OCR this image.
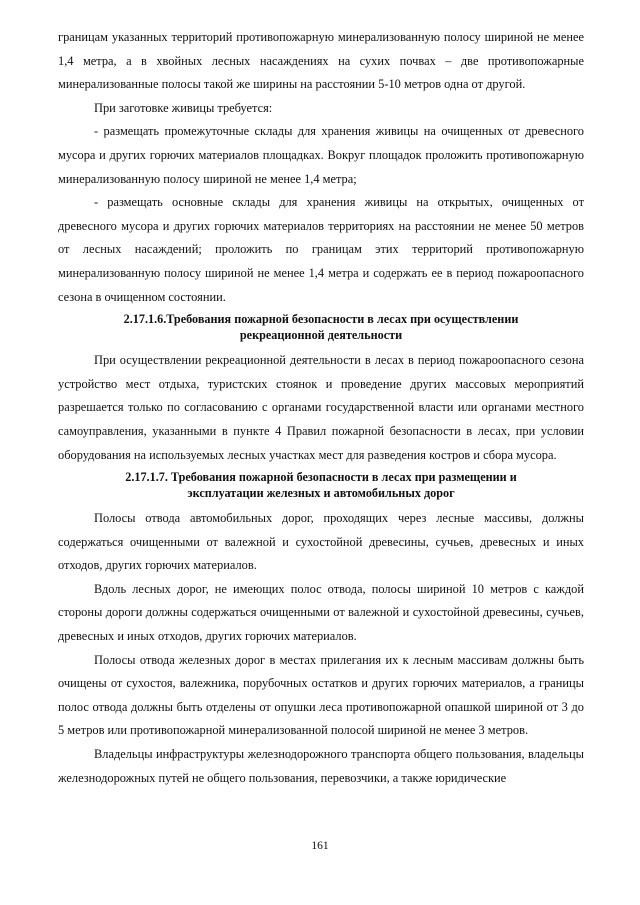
границам указанных территорий противопожарную минерализованную полосу шириной не менее 1,4 метра, а в хвойных лесных насаждениях на сухих почвах – две противопожарные минерализованные полосы такой же ширины на расстоянии 5-10 метров одна от другой.

При заготовке живицы требуется:

- размещать промежуточные склады для хранения живицы на очищенных от древесного мусора и других горючих материалов площадках. Вокруг площадок проложить противопожарную минерализованную полосу шириной не менее 1,4 метра;

- размещать основные склады для хранения живицы на открытых, очищенных от древесного мусора и других горючих материалов территориях на расстоянии не менее 50 метров от лесных насаждений; проложить по границам этих территорий противопожарную минерализованную полосу шириной не менее 1,4 метра и содержать ее в период пожароопасного сезона в очищенном состоянии.

2.17.1.6.Требования пожарной безопасности в лесах при осуществлении рекреационной деятельности

При осуществлении рекреационной деятельности в лесах в период пожароопасного сезона устройство мест отдыха, туристских стоянок и проведение других массовых мероприятий разрешается только по согласованию с органами государственной власти или органами местного самоуправления, указанными в пункте 4 Правил пожарной безопасности в лесах, при условии оборудования на используемых лесных участках мест для разведения костров и сбора мусора.

2.17.1.7. Требования пожарной безопасности в лесах при размещении и эксплуатации железных и автомобильных дорог

Полосы отвода автомобильных дорог, проходящих через лесные массивы, должны содержаться очищенными от валежной и сухостойной древесины, сучьев, древесных и иных отходов, других горючих материалов.

Вдоль лесных дорог, не имеющих полос отвода, полосы шириной 10 метров с каждой стороны дороги должны содержаться очищенными от валежной и сухостойной древесины, сучьев, древесных и иных отходов, других горючих материалов.

Полосы отвода железных дорог в местах прилегания их к лесным массивам должны быть очищены от сухостоя, валежника, порубочных остатков и других горючих материалов, а границы полос отвода должны быть отделены от опушки леса противопожарной опашкой шириной от 3 до 5 метров или противопожарной минерализованной полосой шириной не менее 3 метров.

Владельцы инфраструктуры железнодорожного транспорта общего пользования, владельцы железнодорожных путей не общего пользования, перевозчики, а также юридические

161
